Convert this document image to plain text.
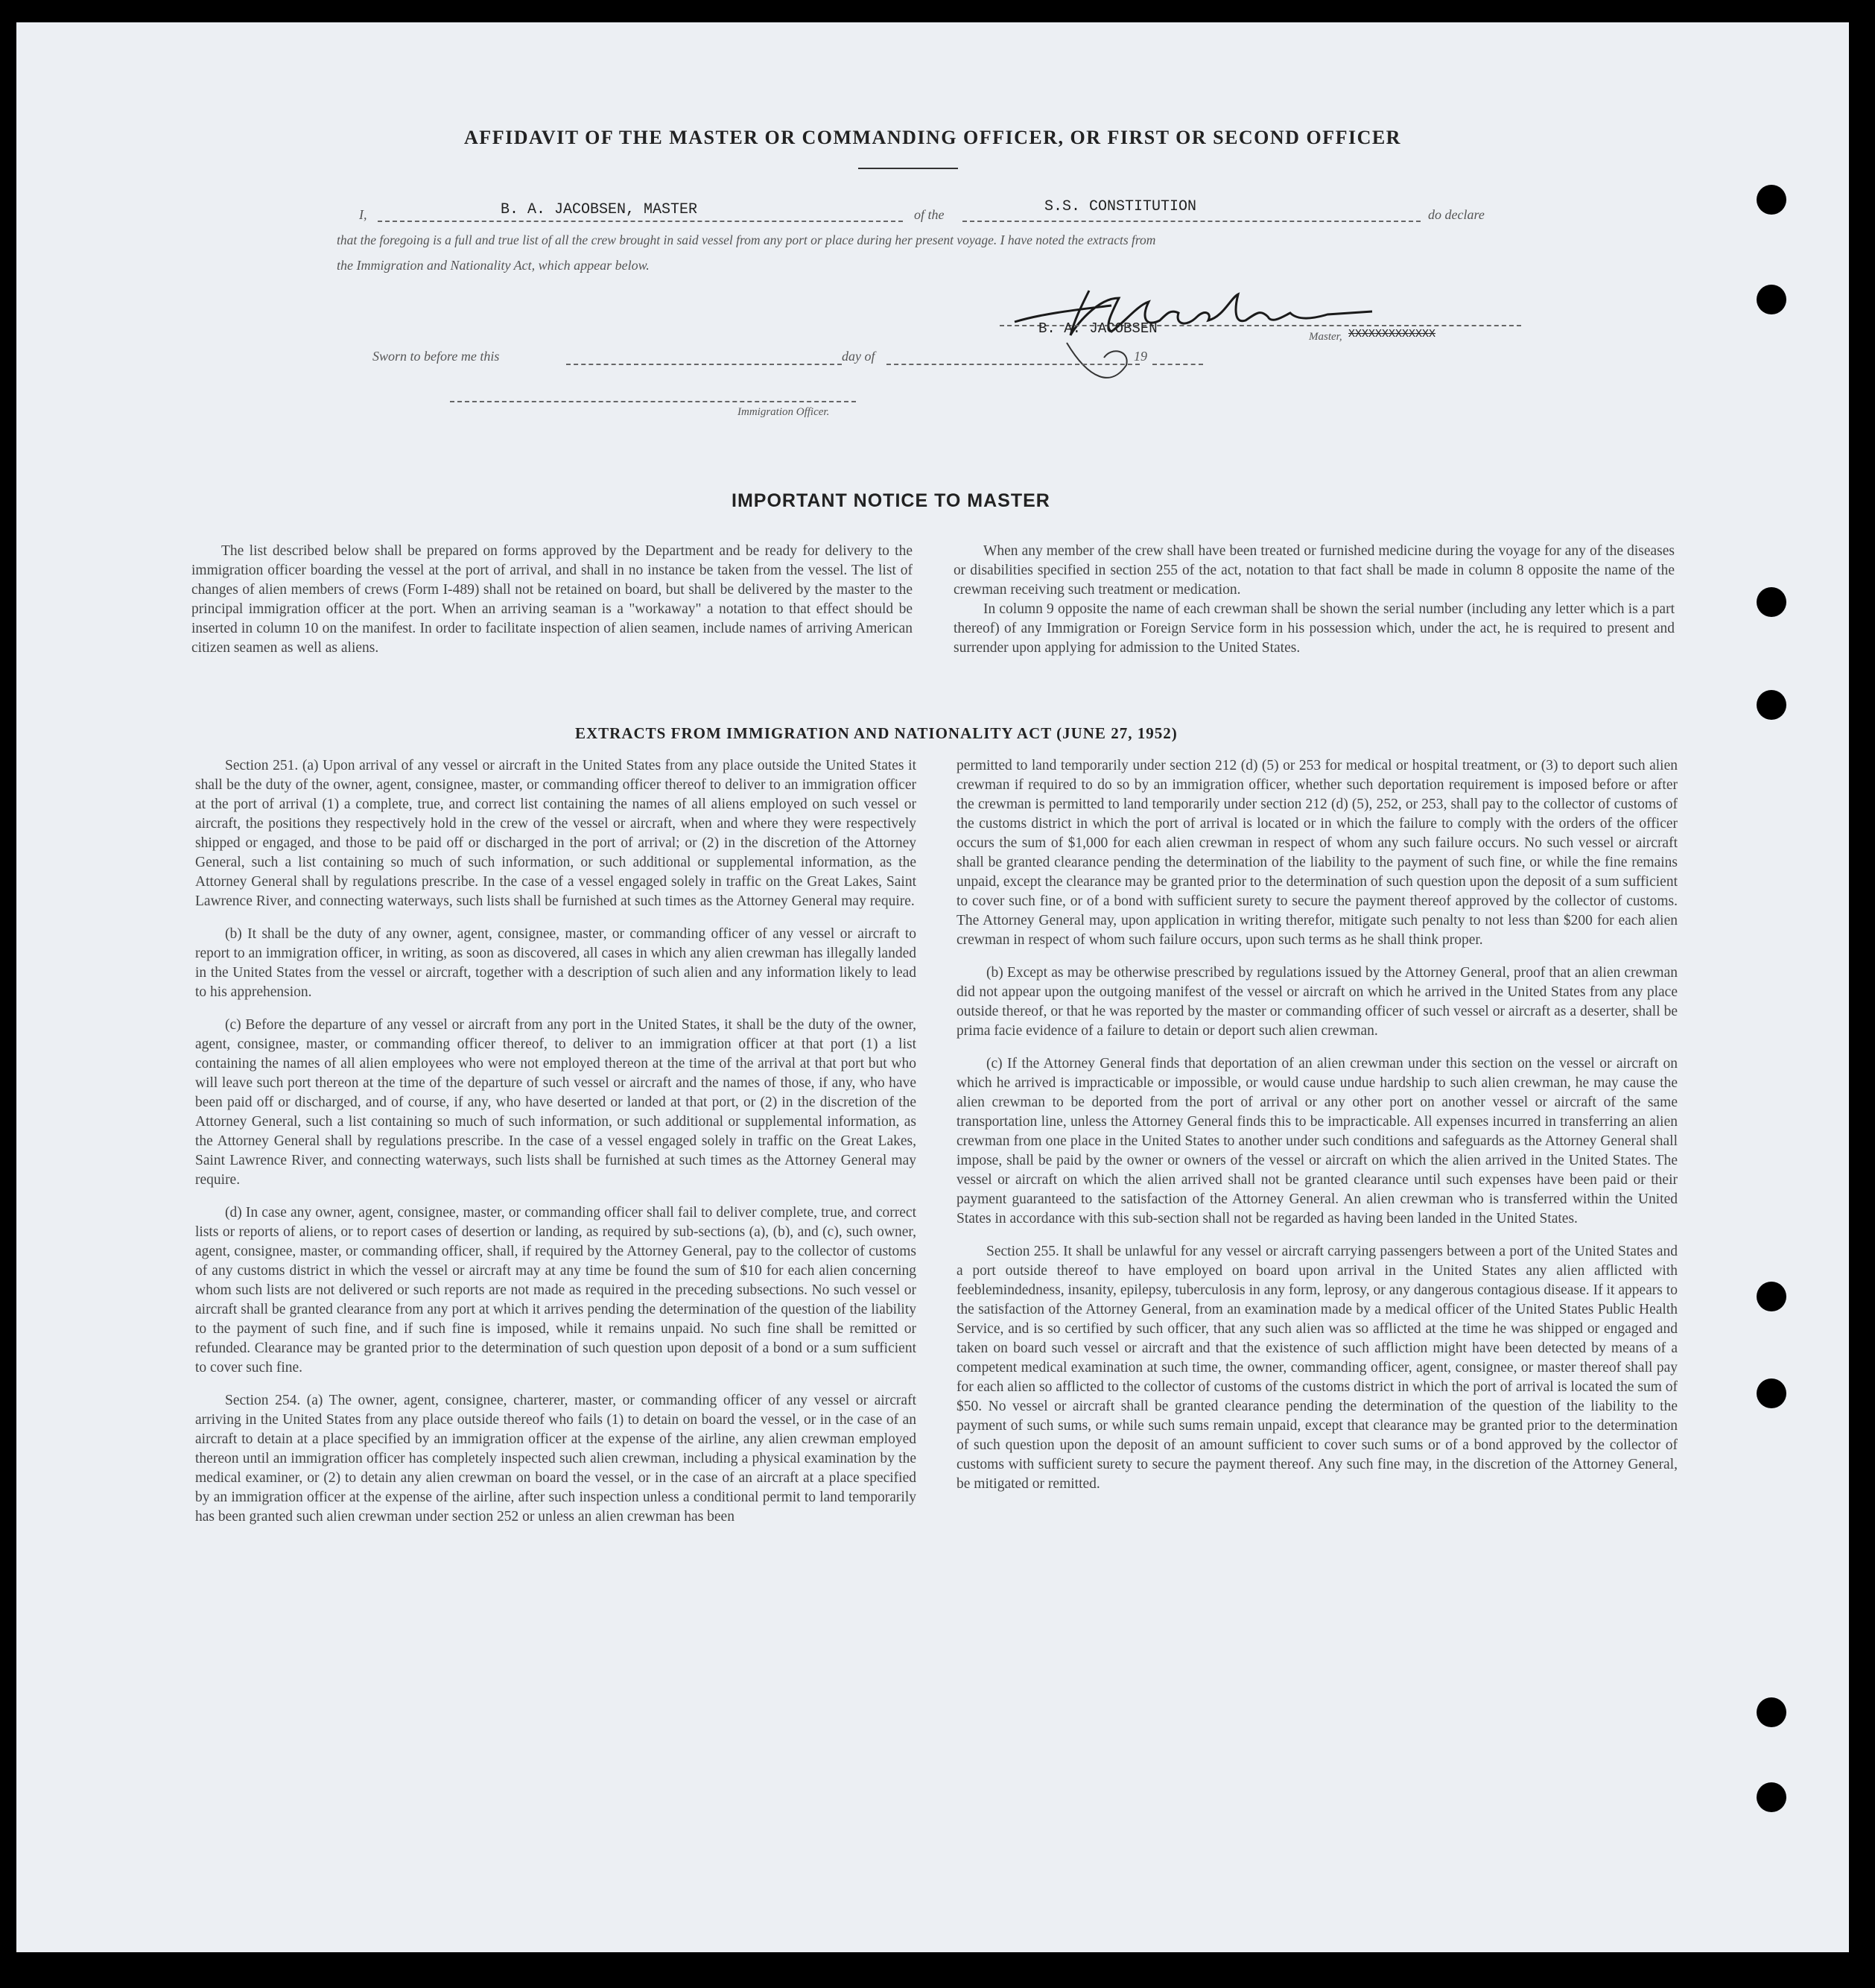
AFFIDAVIT OF THE MASTER OR COMMANDING OFFICER, OR FIRST OR SECOND OFFICER
I,	B. A. JACOBSEN, MASTER	of the	S.S. CONSTITUTION	do declare
that the foregoing is a full and true list of all the crew brought in said vessel from any port or place during her present voyage. I have noted the extracts from
the Immigration and Nationality Act, which appear below.
B. A. JACOBSEN	Master, XXXXXXXXXXXXX
Sworn to before me this	day of	19
Immigration Officer.
IMPORTANT NOTICE TO MASTER

The list described below shall be prepared on forms approved by the Department and be ready for delivery to the immigration officer boarding the vessel at the port of arrival, and shall in no instance be taken from the vessel. The list of changes of alien members of crews (Form I-489) shall not be retained on board, but shall be delivered by the master to the principal immigration officer at the port. When an arriving seaman is a "workaway" a notation to that effect should be inserted in column 10 on the manifest. In order to facilitate inspection of alien seamen, include names of arriving American citizen seamen as well as aliens.

When any member of the crew shall have been treated or furnished medicine during the voyage for any of the diseases or disabilities specified in section 255 of the act, notation to that fact shall be made in column 8 opposite the name of the crewman receiving such treatment or medication.

In column 9 opposite the name of each crewman shall be shown the serial number (including any letter which is a part thereof) of any Immigration or Foreign Service form in his possession which, under the act, he is required to present and surrender upon applying for admission to the United States.

EXTRACTS FROM IMMIGRATION AND NATIONALITY ACT (JUNE 27, 1952)

Section 251. (a) Upon arrival of any vessel or aircraft in the United States from any place outside the United States it shall be the duty of the owner, agent, consignee, master, or commanding officer thereof to deliver to an immigration officer at the port of arrival (1) a complete, true, and correct list containing the names of all aliens employed on such vessel or aircraft, the positions they respectively hold in the crew of the vessel or aircraft, when and where they were respectively shipped or engaged, and those to be paid off or discharged in the port of arrival; or (2) in the discretion of the Attorney General, such a list containing so much of such information, or such additional or supplemental information, as the Attorney General shall by regulations prescribe. In the case of a vessel engaged solely in traffic on the Great Lakes, Saint Lawrence River, and connecting waterways, such lists shall be furnished at such times as the Attorney General may require.

(b) It shall be the duty of any owner, agent, consignee, master, or commanding officer of any vessel or aircraft to report to an immigration officer, in writing, as soon as discovered, all cases in which any alien crewman has illegally landed in the United States from the vessel or aircraft, together with a description of such alien and any information likely to lead to his apprehension.

(c) Before the departure of any vessel or aircraft from any port in the United States, it shall be the duty of the owner, agent, consignee, master, or commanding officer thereof, to deliver to an immigration officer at that port (1) a list containing the names of all alien employees who were not employed thereon at the time of the arrival at that port but who will leave such port thereon at the time of the departure of such vessel or aircraft and the names of those, if any, who have been paid off or discharged, and of course, if any, who have deserted or landed at that port, or (2) in the discretion of the Attorney General, such a list containing so much of such information, or such additional or supplemental information, as the Attorney General shall by regulations prescribe. In the case of a vessel engaged solely in traffic on the Great Lakes, Saint Lawrence River, and connecting waterways, such lists shall be furnished at such times as the Attorney General may require.

(d) In case any owner, agent, consignee, master, or commanding officer shall fail to deliver complete, true, and correct lists or reports of aliens, or to report cases of desertion or landing, as required by sub-sections (a), (b), and (c), such owner, agent, consignee, master, or commanding officer, shall, if required by the Attorney General, pay to the collector of customs of any customs district in which the vessel or aircraft may at any time be found the sum of $10 for each alien concerning whom such lists are not delivered or such reports are not made as required in the preceding subsections. No such vessel or aircraft shall be granted clearance from any port at which it arrives pending the determination of the question of the liability to the payment of such fine, and if such fine is imposed, while it remains unpaid. No such fine shall be remitted or refunded. Clearance may be granted prior to the determination of such question upon deposit of a bond or a sum sufficient to cover such fine.

Section 254. (a) The owner, agent, consignee, charterer, master, or commanding officer of any vessel or aircraft arriving in the United States from any place outside thereof who fails (1) to detain on board the vessel, or in the case of an aircraft to detain at a place specified by an immigration officer at the expense of the airline, any alien crewman employed thereon until an immigration officer has completely inspected such alien crewman, including a physical examination by the medical examiner, or (2) to detain any alien crewman on board the vessel, or in the case of an aircraft at a place specified by an immigration officer at the expense of the airline, after such inspection unless a conditional permit to land temporarily has been granted such alien crewman under section 252 or unless an alien crewman has been

permitted to land temporarily under section 212 (d) (5) or 253 for medical or hospital treatment, or (3) to deport such alien crewman if required to do so by an immigration officer, whether such deportation requirement is imposed before or after the crewman is permitted to land temporarily under section 212 (d) (5), 252, or 253, shall pay to the collector of customs of the customs district in which the port of arrival is located or in which the failure to comply with the orders of the officer occurs the sum of $1,000 for each alien crewman in respect of whom any such failure occurs. No such vessel or aircraft shall be granted clearance pending the determination of the liability to the payment of such fine, or while the fine remains unpaid, except the clearance may be granted prior to the determination of such question upon the deposit of a sum sufficient to cover such fine, or of a bond with sufficient surety to secure the payment thereof approved by the collector of customs. The Attorney General may, upon application in writing therefor, mitigate such penalty to not less than $200 for each alien crewman in respect of whom such failure occurs, upon such terms as he shall think proper.

(b) Except as may be otherwise prescribed by regulations issued by the Attorney General, proof that an alien crewman did not appear upon the outgoing manifest of the vessel or aircraft on which he arrived in the United States from any place outside thereof, or that he was reported by the master or commanding officer of such vessel or aircraft as a deserter, shall be prima facie evidence of a failure to detain or deport such alien crewman.

(c) If the Attorney General finds that deportation of an alien crewman under this section on the vessel or aircraft on which he arrived is impracticable or impossible, or would cause undue hardship to such alien crewman, he may cause the alien crewman to be deported from the port of arrival or any other port on another vessel or aircraft of the same transportation line, unless the Attorney General finds this to be impracticable. All expenses incurred in transferring an alien crewman from one place in the United States to another under such conditions and safeguards as the Attorney General shall impose, shall be paid by the owner or owners of the vessel or aircraft on which the alien arrived in the United States. The vessel or aircraft on which the alien arrived shall not be granted clearance until such expenses have been paid or their payment guaranteed to the satisfaction of the Attorney General. An alien crewman who is transferred within the United States in accordance with this sub-section shall not be regarded as having been landed in the United States.

Section 255. It shall be unlawful for any vessel or aircraft carrying passengers between a port of the United States and a port outside thereof to have employed on board upon arrival in the United States any alien afflicted with feeblemindedness, insanity, epilepsy, tuberculosis in any form, leprosy, or any dangerous contagious disease. If it appears to the satisfaction of the Attorney General, from an examination made by a medical officer of the United States Public Health Service, and is so certified by such officer, that any such alien was so afflicted at the time he was shipped or engaged and taken on board such vessel or aircraft and that the existence of such affliction might have been detected by means of a competent medical examination at such time, the owner, commanding officer, agent, consignee, or master thereof shall pay for each alien so afflicted to the collector of customs of the customs district in which the port of arrival is located the sum of $50. No vessel or aircraft shall be granted clearance pending the determination of the question of the liability to the payment of such sums, or while such sums remain unpaid, except that clearance may be granted prior to the determination of such question upon the deposit of an amount sufficient to cover such sums or of a bond approved by the collector of customs with sufficient surety to secure the payment thereof. Any such fine may, in the discretion of the Attorney General, be mitigated or remitted.
